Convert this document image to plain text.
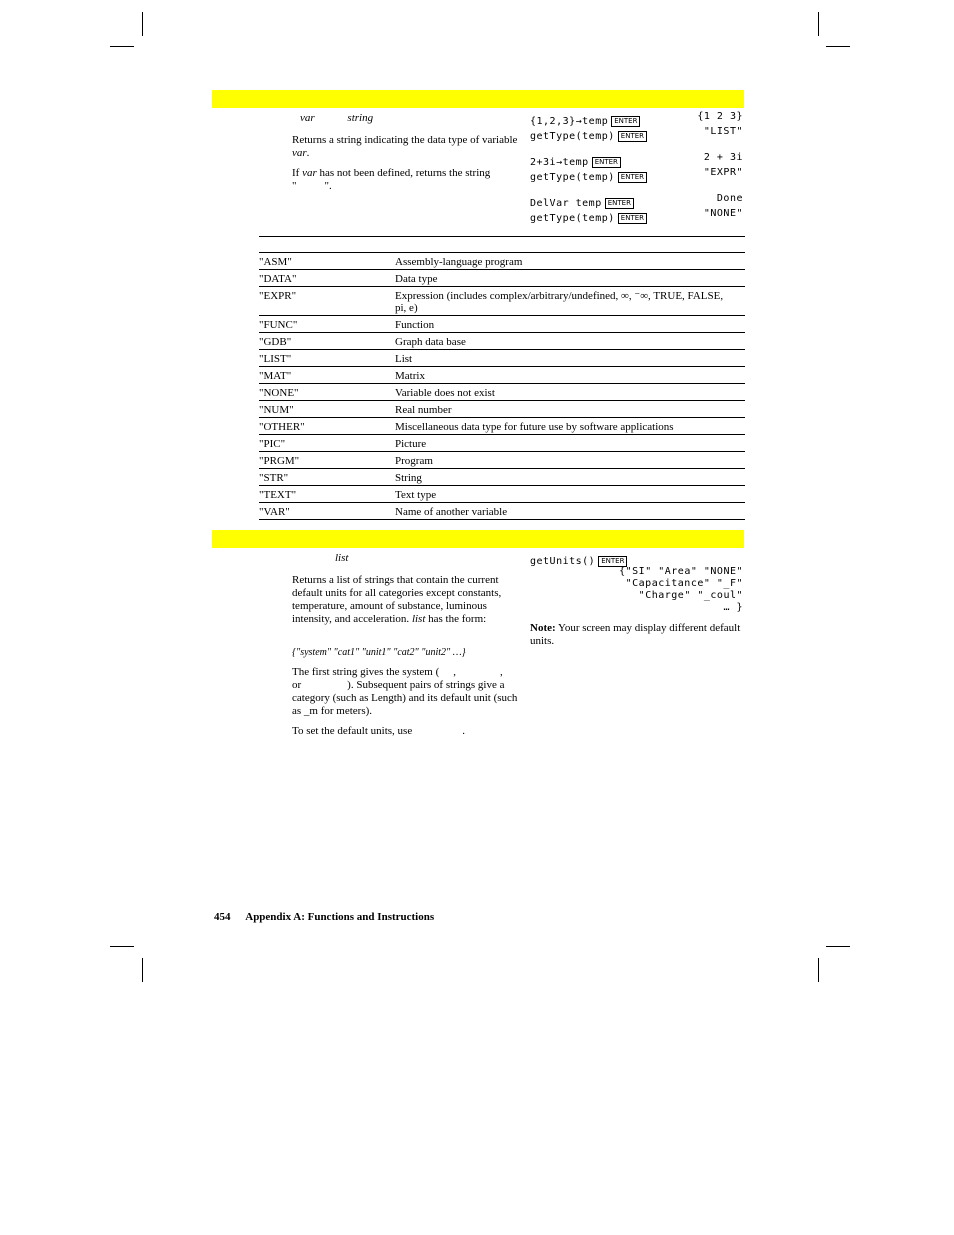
var	string
Returns a string indicating the data type of variable var.
If var has not been defined, returns the string
"	".
{1,2,3}→temp ENTER	{1 2 3}
getType(temp) ENTER	"LIST"
2+3i→temp ENTER	2 + 3i
getType(temp) ENTER	"EXPR"
DelVar temp ENTER	Done
getType(temp) ENTER	"NONE"
"ASM"	Assembly-language program
"DATA"	Data type
"EXPR"	Expression (includes complex/arbitrary/undefined, ∞, ⁻∞, TRUE, FALSE, pi, e)
"FUNC"	Function
"GDB"	Graph data base
"LIST"	List
"MAT"	Matrix
"NONE"	Variable does not exist
"NUM"	Real number
"OTHER"	Miscellaneous data type for future use by software applications
"PIC"	Picture
"PRGM"	Program
"STR"	String
"TEXT"	Text type
"VAR"	Name of another variable
list
Returns a list of strings that contain the current default units for all categories except constants, temperature, amount of substance, luminous intensity, and acceleration. list has the form:
{"system" "cat1" "unit1" "cat2" "unit2" …}
The first string gives the system ( ,	,
or	). Subsequent pairs of strings give a category (such as Length) and its default unit (such as _m for meters).
To set the default units, use	.
getUnits() ENTER
{"SI" "Area" "NONE"
"Capacitance" "_F"
"Charge" "_coul"
… }
Note: Your screen may display different default units.
454 Appendix A: Functions and Instructions
